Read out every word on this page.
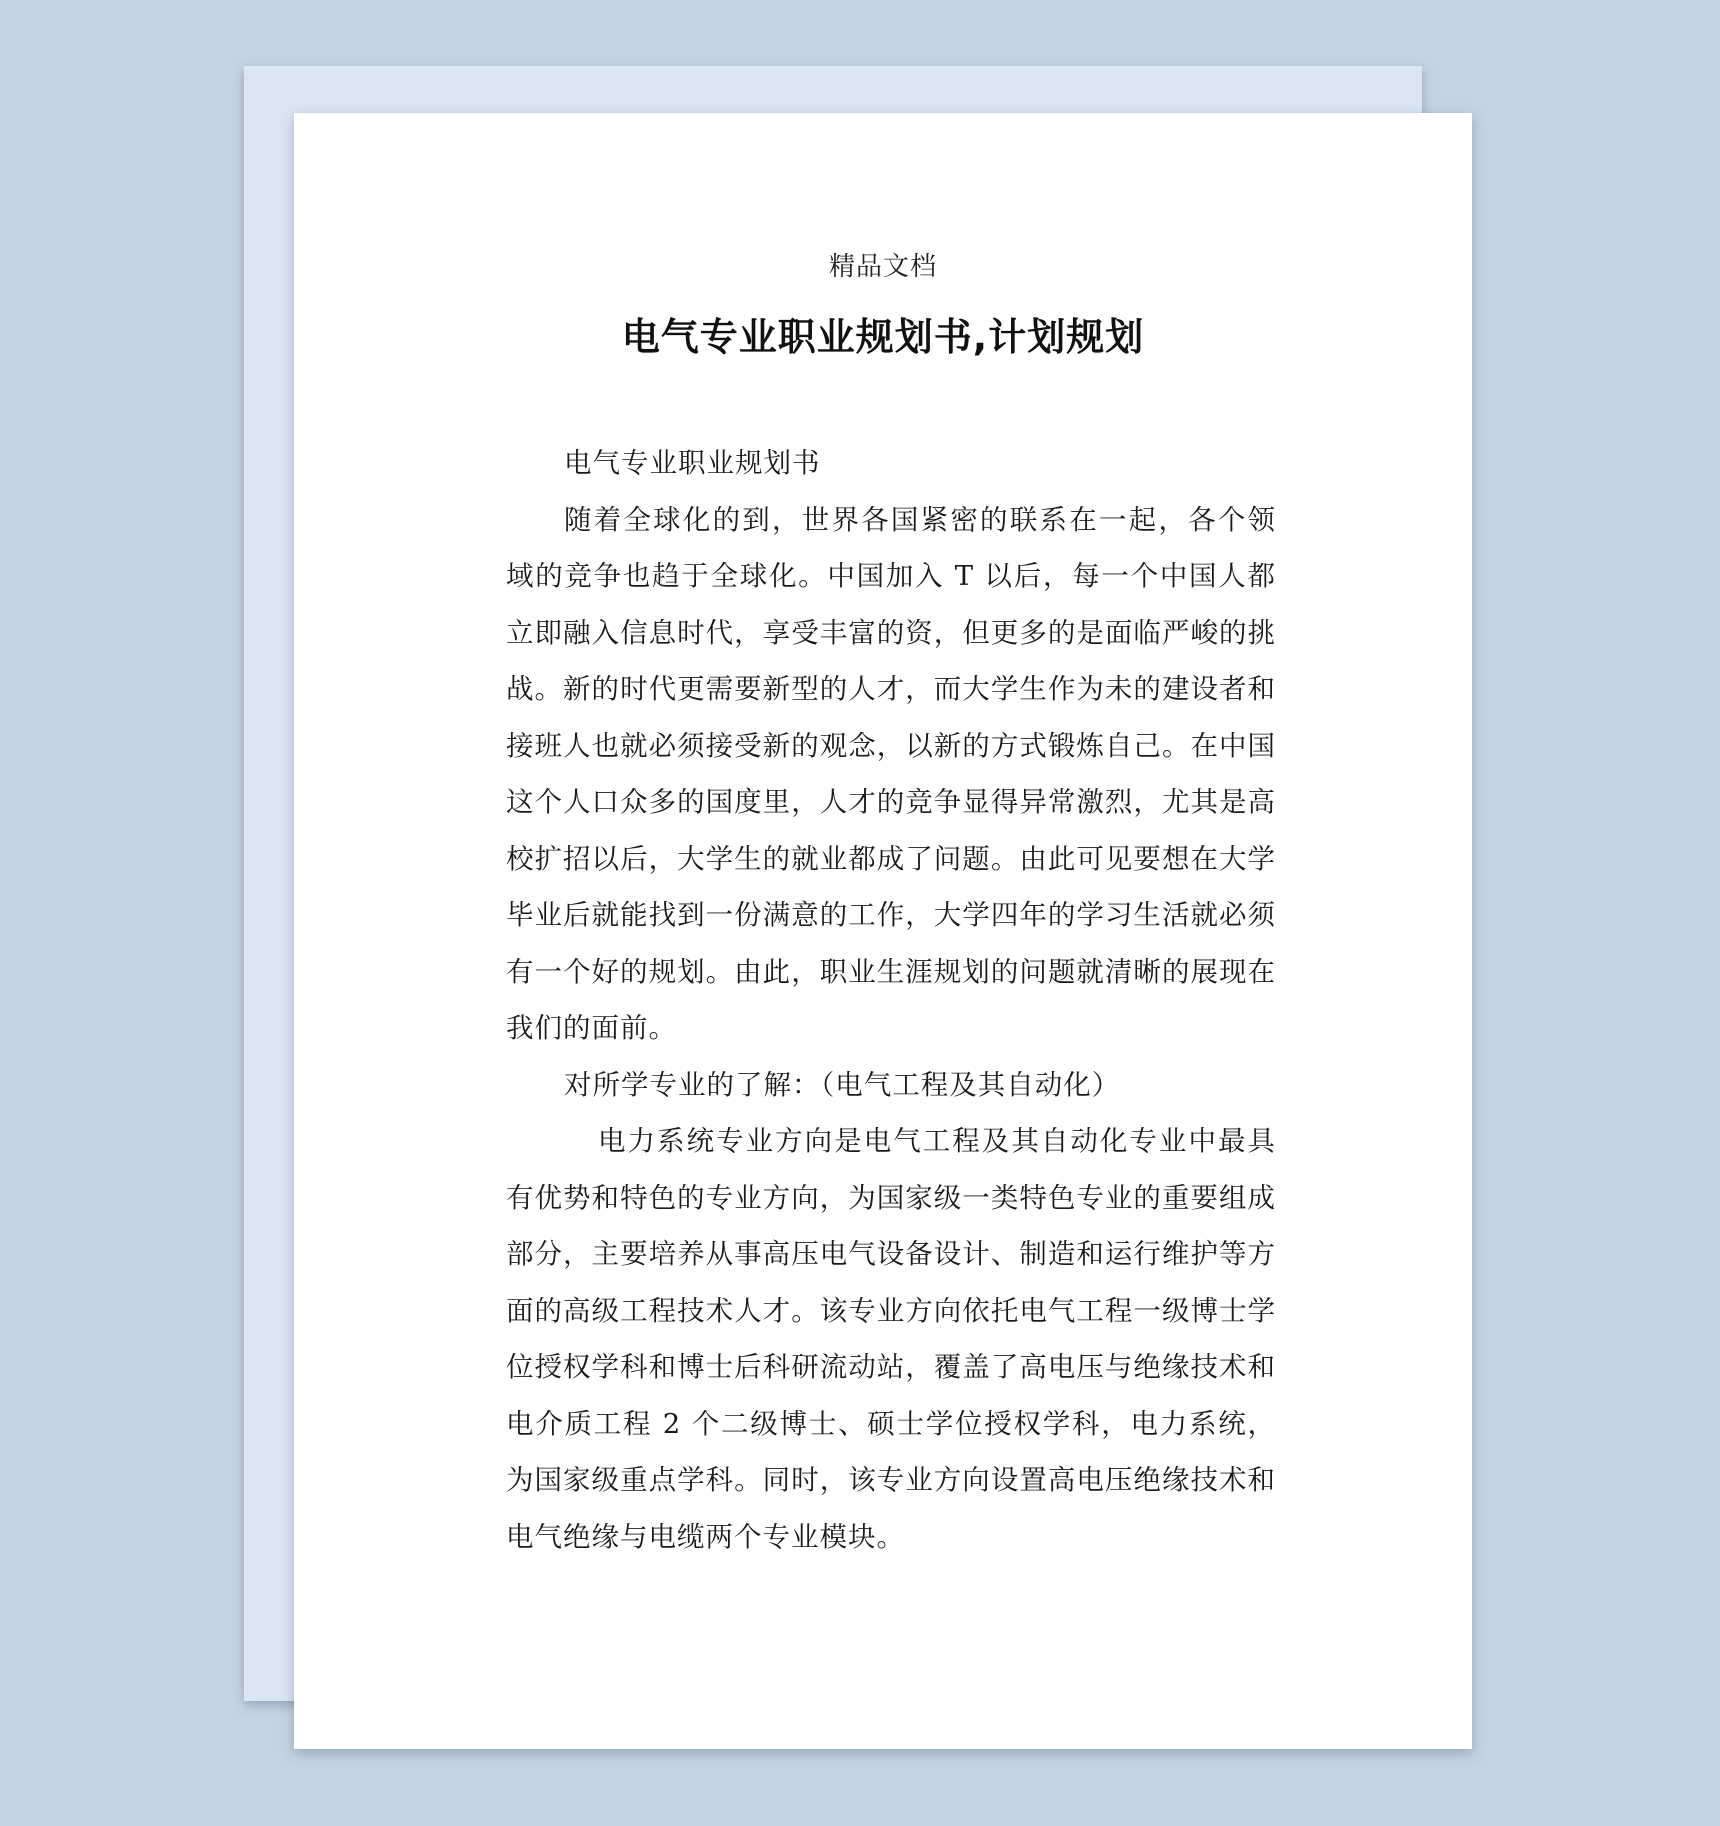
精品文档
电气专业职业规划书,计划规划

电气专业职业规划书

随着全球化的到，世界各国紧密的联系在一起，各个领域的竞争也趋于全球化。中国加入 T 以后，每一个中国人都立即融入信息时代，享受丰富的资，但更多的是面临严峻的挑战。新的时代更需要新型的人才，而大学生作为未的建设者和接班人也就必须接受新的观念，以新的方式锻炼自己。在中国这个人口众多的国度里，人才的竞争显得异常激烈，尤其是高校扩招以后，大学生的就业都成了问题。由此可见要想在大学毕业后就能找到一份满意的工作，大学四年的学习生活就必须有一个好的规划。由此，职业生涯规划的问题就清晰的展现在我们的面前。

对所学专业的了解：（电气工程及其自动化）

电力系统专业方向是电气工程及其自动化专业中最具有优势和特色的专业方向，为国家级一类特色专业的重要组成部分，主要培养从事高压电气设备设计、制造和运行维护等方面的高级工程技术人才。该专业方向依托电气工程一级博士学位授权学科和博士后科研流动站，覆盖了高电压与绝缘技术和电介质工程 2 个二级博士、硕士学位授权学科，电力系统，为国家级重点学科。同时，该专业方向设置高电压绝缘技术和电气绝缘与电缆两个专业模块。
